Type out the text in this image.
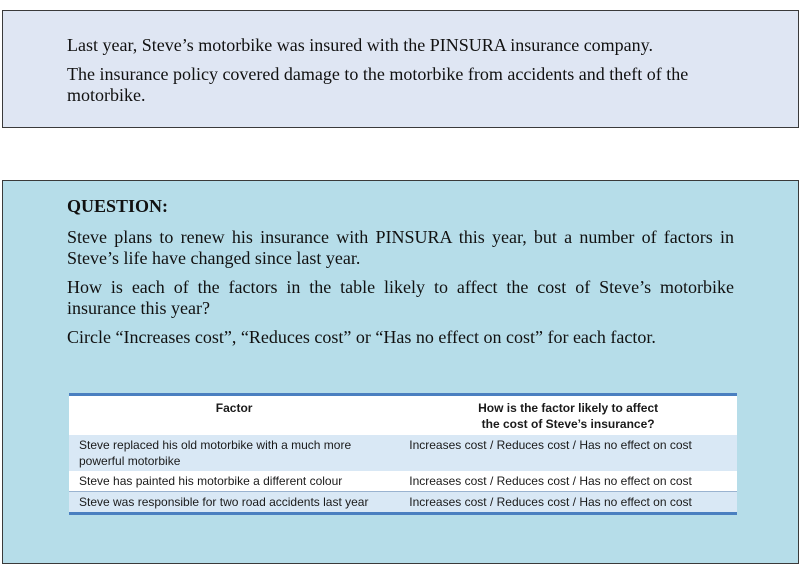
Last year, Steve’s motorbike was insured with the PINSURA insurance company.

The insurance policy covered damage to the motorbike from accidents and theft of the motorbike.

QUESTION:

Steve plans to renew his insurance with PINSURA this year, but a number of factors in Steve’s life have changed since last year.

How is each of the factors in the table likely to affect the cost of Steve’s motorbike insurance this year?

Circle “Increases cost”, “Reduces cost” or “Has no effect on cost” for each factor.

Factor	How is the factor likely to affect
the cost of Steve’s insurance?
Steve replaced his old motorbike with a much more powerful motorbike	Increases cost / Reduces cost / Has no effect on cost
Steve has painted his motorbike a different colour	Increases cost / Reduces cost / Has no effect on cost
Steve was responsible for two road accidents last year	Increases cost / Reduces cost / Has no effect on cost
